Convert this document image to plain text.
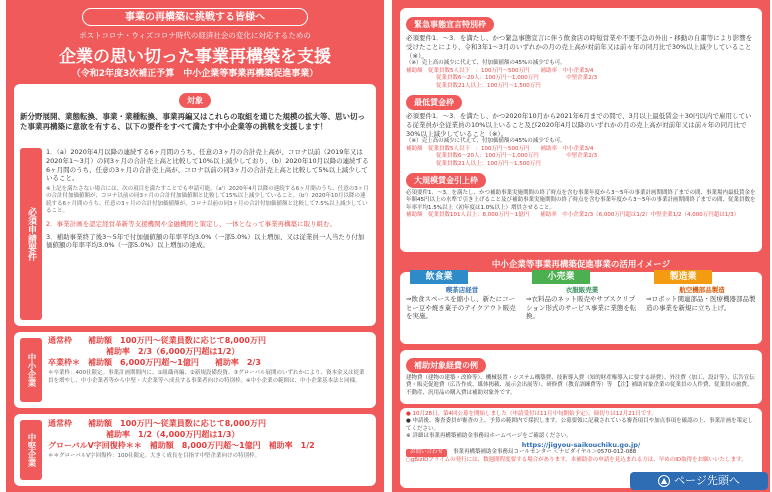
事業の再構築に挑戦する皆様へ
ポストコロナ・ウィズコロナ時代の経済社会の変化に対応するための
企業の思い切った事業再構築を支援
（令和2年度3次補正予算　中小企業等事業再構築促進事業）
対象
新分野展開、業態転換、事業・業種転換、事業再編又はこれらの取組を通じた規模の拡大等、思い切った事業再構築に意欲を有する、以下の要件をすべて満たす中小企業等の挑戦を支援します！
必須申請要件
1．（a）2020年4月以降の連続する6ヶ月間のうち、任意の3ヶ月の合計売上高が、コロナ以前（2019年又は2020年1～3月）の同3ヶ月の合計売上高と比較して10%以上減少しており、（b）2020年10月以降の連続する6ヶ月間のうち、任意の3ヶ月の合計売上高が、コロナ以前の同3ヶ月の合計売上高と比較して5%以上減少していること。
※上記を満たさない場合には、次の項目を満たすことでも申請可能。（a'）2020年4月以降の連続する6ヶ月間のうち、任意の3ヶ月の合計付加価値額が、コロナ以前の同3ヶ月の合計付加価値額と比較して15%以上減少していること。（b'）2020年10月以降の連続する6ヶ月間のうち、任意の3ヶ月の合計付加価値額が、コロナ以前の同3ヶ月の合計付加価値額と比較して7.5%以上減少していること。
2．事業計画を認定経営革新等支援機関や金融機関と策定し、一体となって事業再構築に取り組む。
3．補助事業終了後3～5年で付加価値額の年率平均3.0%（一部5.0%）以上増加、又は従業員一人当たり付加価値額の年率平均3.0%（一部5.0%）以上増加の達成。
中小企業
通常枠　　補助額　100万円～従業員数に応じて8,000万円
補助率　2/3（6,000万円超は1/2）
卒業枠＊　補助額　6,000万円超～1億円　　補助率　2/3
＊卒業枠：400社限定。事業計画期間内に、①組織再編、②新規設備投資、③グローバル展開のいずれかにより、資本金又は従業員を増やし、中小企業者等から中堅・大企業等へ成長する事業者向けの特別枠。※中小企業の範囲は、中小企業基本法と同様。
中堅企業
通常枠　　補助額　100万円～従業員数に応じて8,000万円
補助率　1/2（4,000万円超は1/3）
グローバルV字回復枠＊＊　補助額　8,000万円超～1億円　補助率　1/2
＊＊グローバルV字回復枠：100社限定。大きく成長を目指す中堅企業向けの特別枠。
緊急事態宣言特別枠
必須要件1．～3．を満たし、かつ緊急事態宣言に伴う飲食店の時短営業や不要不急の外出・移動の自粛等により影響を受けたことにより、令和3年1～3月のいずれかの月の売上高が対前年又は前々年の同月比で30%以上減少していること（※）。
（※）売上高の減少に代えて、付加価値額の45%の減少でも可。
補助額　従業員数5人以下　：100万円～500万円　　補助率　中小企業3/4
従業員数6～20人：100万円～1,000万円　　　　　中堅企業2/3
従業員数21人以上：100万円～1,500万円
最低賃金枠
必須要件1．～3．を満たし、かつ2020年10月から2021年6月までの間で、3月以上最低賃金＋30円以内で雇用している従業員が全従業員の10%以上いること及び2020年4月以降のいずれかの月の売上高が対前年又は前々年の同月比で30%以上減少していること（※）。
（※）売上高の減少に代えて、付加価値額の45%の減少でも可。
補助額　従業員数5人以下　：100万円～500万円　　補助率　中小企業3/4
従業員数6～20人：100万円～1,000万円　　　　　中堅企業2/3
従業員数21人以上：100万円～1,500万円
大規模賃金引上枠
必須要件1．～3．を満たし、かつ補助事業実施期間の終了時点を含む事業年度から3～5年の事業計画期間終了までの間、事業場内最低賃金を年額45円以上の水準で引き上げること及び補助事業実施期間の終了時点を含む事業年度から3～5年の事業計画期間終了までの間、従業員数を年率平均1.5%以上（初年度は1.0%以上）増員させること。
補助額　従業員数101人以上：8,000万円～1億円　　補助率　中小企業2/3（6,000万円超は1/2）中堅企業1/2（4,000万円超は1/3）
中小企業等事業再構築促進事業の活用イメージ
飲食業	小売業	製造業
喫茶店経営
⇒飲食スペースを縮小し、新たにコーヒー豆や焼き菓子のテイクアウト販売を実施。
衣服販売業
⇒衣料品のネット販売やサブスクリプション形式のサービス事業に業態を転換。
航空機部品製造
⇒ロボット関連部品・医療機器部品製造の事業を新規に立ち上げ。
補助対象経費の例
建物費（建物の建築・改修等）、機械装置・システム構築費、技術導入費（知的財産権導入に要する経費）、外注費（加工、設計等）、広告宣伝費・販売促進費（広告作成、媒体掲載、展示会出展等）、研修費（教育訓練費等）等　【注】補助対象企業の従業員の人件費、従業員の旅費、不動産、汎用品の購入費は補助対象外です。
● 10月28日、第4回公募を開始しました（申請受付は11月中旬開始予定）。締切りは12月21日です。
● 申請後、審査委員が審査の上、予算の範囲内で採択します。公募要領に記載されている審査項目や加点事項を確認の上、事業計画を策定してください。
※ 詳細は事業再構築補助金事務局ホームページをご確認ください。
https://jigyou-saikouchiku.go.jp/
お問い合わせ	事業再構築補助金事務局コールセンター ＜ナビダイヤル＞0570-012-088
○gBizIDプライムの発行には、数週間程度要する場合があります。本補助金の申請を見込まれる方は、早めのID取得をお願いいたします。
▲ ページ先頭へ
